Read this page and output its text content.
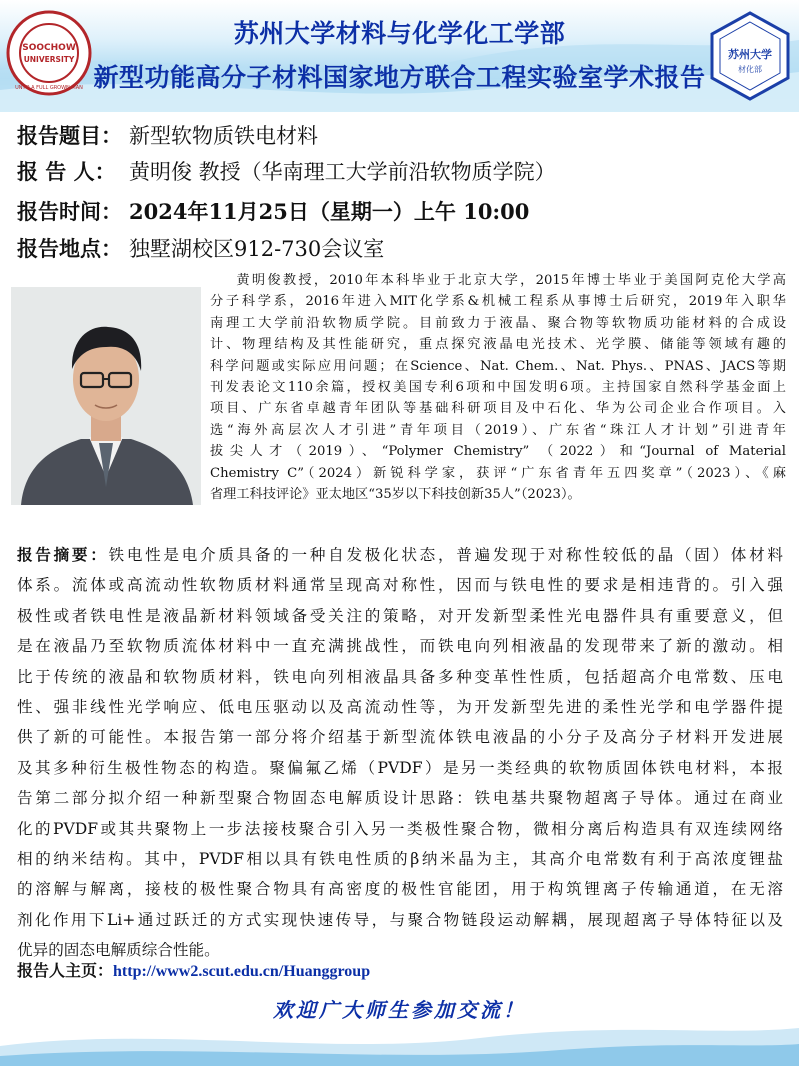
SOOCHOW
UNIVERSITY
UNTO A FULL GROWN MAN
苏州大学材料与化学化工学部
新型功能高分子材料国家地方联合工程实验室学术报告
苏州大学
材化部
报告题目： 新型软物质铁电材料
报 告 人： 黄明俊 教授（华南理工大学前沿软物质学院）
报告时间： 2024年11月25日（星期一）上午 10:00
报告地点： 独墅湖校区912-730会议室
黄明俊教授，2010年本科毕业于北京大学，2015年博士毕业于美国阿克伦大学高
分子科学系，2016年进入MIT化学系&机械工程系从事博士后研究，2019年入职华
南理工大学前沿软物质学院。目前致力于液晶、聚合物等软物质功能材料的合成设
计、物理结构及其性能研究，重点探究液晶电光技术、光学膜、储能等领域有趣的
科学问题或实际应用问题；在Science、Nat. Chem.、Nat. Phys.、PNAS、JACS等期
刊发表论文110余篇，授权美国专利6项和中国发明6项。主持国家自然科学基金面上
项目、广东省卓越青年团队等基础科研项目及中石化、华为公司企业合作项目。入
选“海外高层次人才引进”青年项目（2019）、广东省“珠江人才计划”引进青年
拔尖人才（2019）、“Polymer Chemistry” （2022）和“Journal of Material
Chemistry C”（2024）新锐科学家，获评“广东省青年五四奖章”（2023）、《麻
省理工科技评论》亚太地区“35岁以下科技创新35人”（2023）。
报告摘要：铁电性是电介质具备的一种自发极化状态，普遍发现于对称性较低的晶（固）体材料
体系。流体或高流动性软物质材料通常呈现高对称性，因而与铁电性的要求是相违背的。引入强
极性或者铁电性是液晶新材料领域备受关注的策略，对开发新型柔性光电器件具有重要意义，但
是在液晶乃至软物质流体材料中一直充满挑战性，而铁电向列相液晶的发现带来了新的激动。相
比于传统的液晶和软物质材料，铁电向列相液晶具备多种变革性性质，包括超高介电常数、压电
性、强非线性光学响应、低电压驱动以及高流动性等，为开发新型先进的柔性光学和电学器件提
供了新的可能性。本报告第一部分将介绍基于新型流体铁电液晶的小分子及高分子材料开发进展
及其多种衍生极性物态的构造。聚偏氟乙烯（PVDF）是另一类经典的软物质固体铁电材料，本报
告第二部分拟介绍一种新型聚合物固态电解质设计思路：铁电基共聚物超离子导体。通过在商业
化的PVDF或其共聚物上一步法接枝聚合引入另一类极性聚合物，微相分离后构造具有双连续网络
相的纳米结构。其中，PVDF相以具有铁电性质的β纳米晶为主，其高介电常数有利于高浓度锂盐
的溶解与解离，接枝的极性聚合物具有高密度的极性官能团，用于构筑锂离子传输通道，在无溶
剂化作用下Li+通过跃迁的方式实现快速传导，与聚合物链段运动解耦，展现超离子导体特征以及
优异的固态电解质综合性能。
报告人主页：http://www2.scut.edu.cn/Huanggroup
欢迎广大师生参加交流！
